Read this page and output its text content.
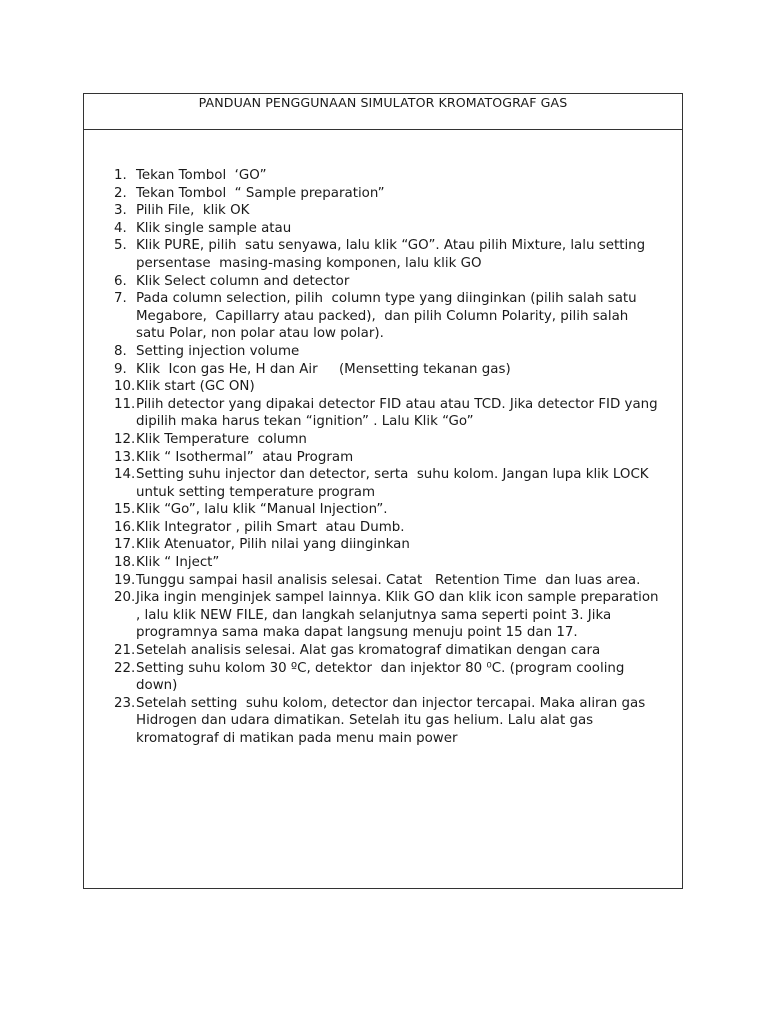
PANDUAN PENGGUNAAN SIMULATOR KROMATOGRAF GAS
1. Tekan Tombol  ‘GO”
2. Tekan Tombol  “ Sample preparation”
3. Pilih File,  klik OK
4. Klik single sample atau
5. Klik PURE, pilih  satu senyawa, lalu klik “GO”. Atau pilih Mixture, lalu setting
persentase  masing-masing komponen, lalu klik GO
6. Klik Select column and detector
7. Pada column selection, pilih  column type yang diinginkan (pilih salah satu
Megabore,  Capillarry atau packed),  dan pilih Column Polarity, pilih salah
satu Polar, non polar atau low polar).
8. Setting injection volume
9. Klik  Icon gas He, H dan Air     (Mensetting tekanan gas)
10. Klik start (GC ON)
11. Pilih detector yang dipakai detector FID atau atau TCD. Jika detector FID yang
dipilih maka harus tekan “ignition” . Lalu Klik “Go”
12. Klik Temperature  column
13. Klik “ Isothermal”  atau Program
14. Setting suhu injector dan detector, serta  suhu kolom. Jangan lupa klik LOCK
untuk setting temperature program
15. Klik “Go”, lalu klik “Manual Injection”.
16. Klik Integrator , pilih Smart  atau Dumb.
17. Klik Atenuator, Pilih nilai yang diinginkan
18. Klik “ Inject”
19. Tunggu sampai hasil analisis selesai. Catat   Retention Time  dan luas area.
20. Jika ingin menginjek sampel lainnya. Klik GO dan klik icon sample preparation
, lalu klik NEW FILE, dan langkah selanjutnya sama seperti point 3. Jika
programnya sama maka dapat langsung menuju point 15 dan 17.
21. Setelah analisis selesai. Alat gas kromatograf dimatikan dengan cara
22. Setting suhu kolom 30 ºC, detektor  dan injektor 80 ⁰C. (program cooling
down)
23. Setelah setting  suhu kolom, detector dan injector tercapai. Maka aliran gas
Hidrogen dan udara dimatikan. Setelah itu gas helium. Lalu alat gas
kromatograf di matikan pada menu main power
